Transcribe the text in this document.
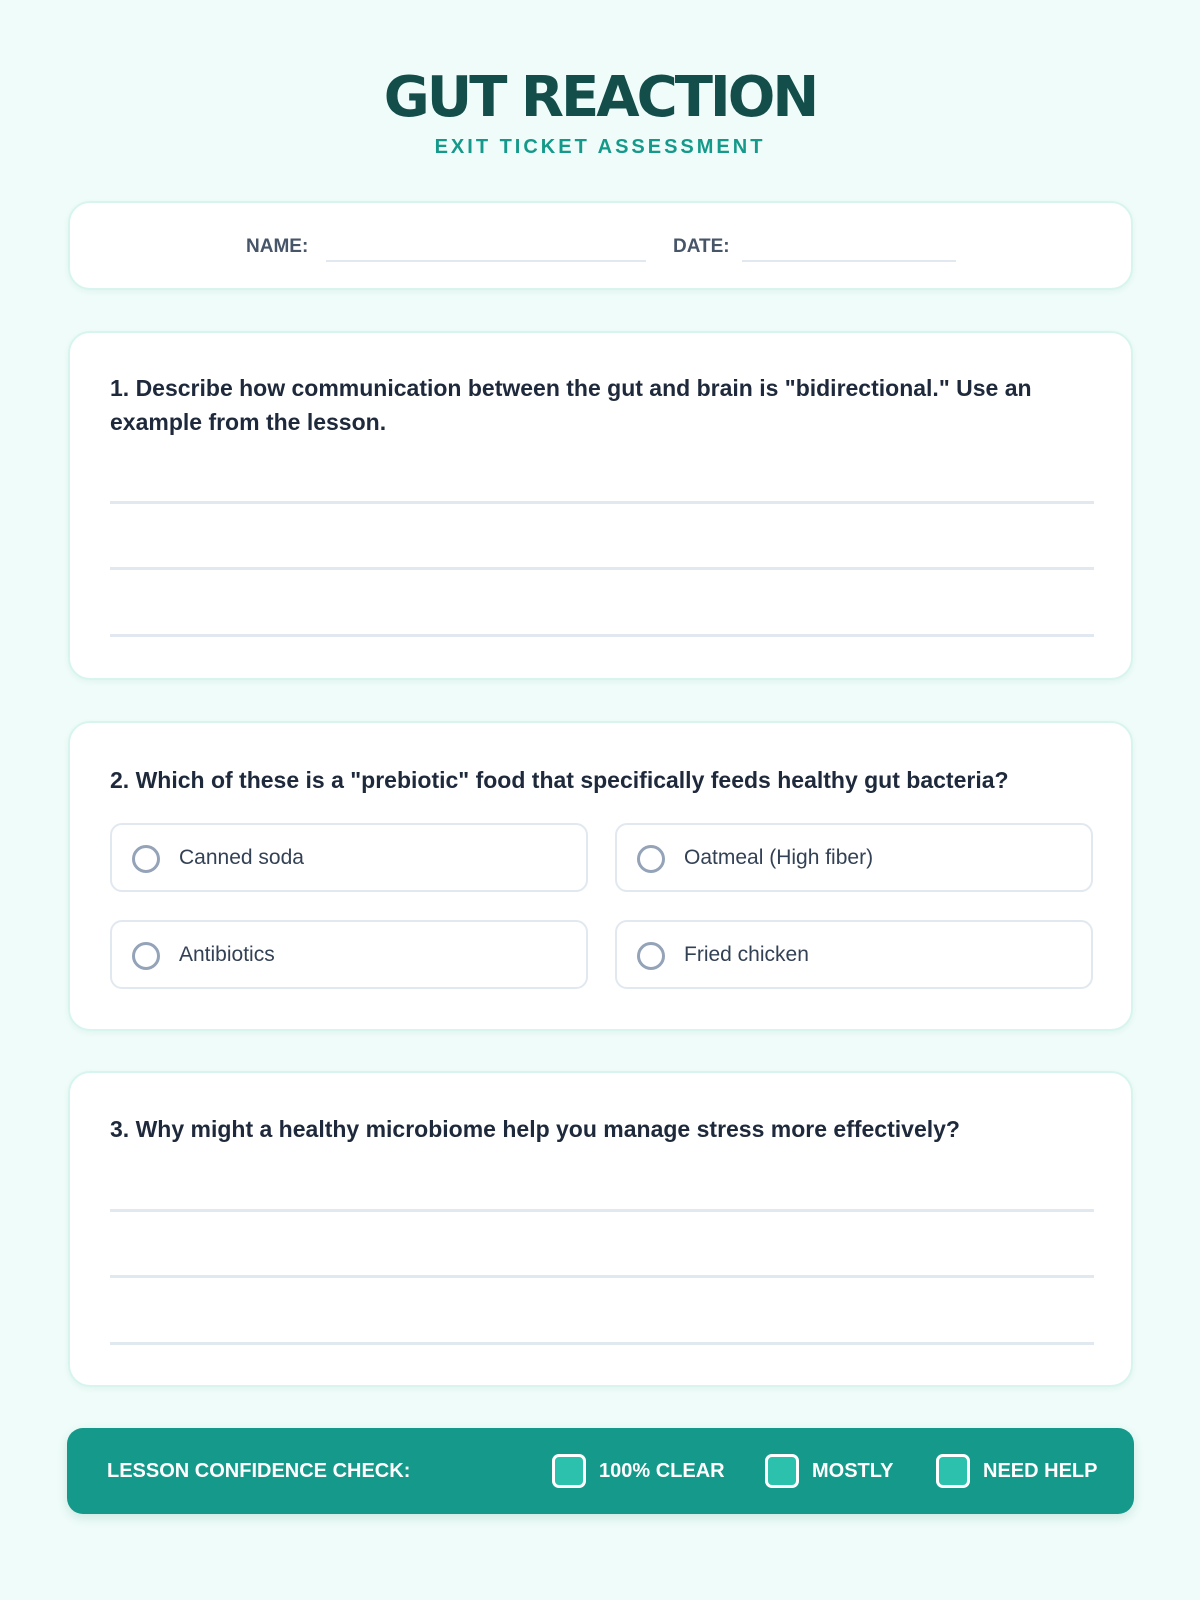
GUT REACTION
EXIT TICKET ASSESSMENT
NAME:	DATE:
1. Describe how communication between the gut and brain is "bidirectional." Use an example from the lesson.
2. Which of these is a "prebiotic" food that specifically feeds healthy gut bacteria?
Canned soda	Oatmeal (High fiber)
Antibiotics	Fried chicken
3. Why might a healthy microbiome help you manage stress more effectively?
LESSON CONFIDENCE CHECK:	100% CLEAR	MOSTLY	NEED HELP
